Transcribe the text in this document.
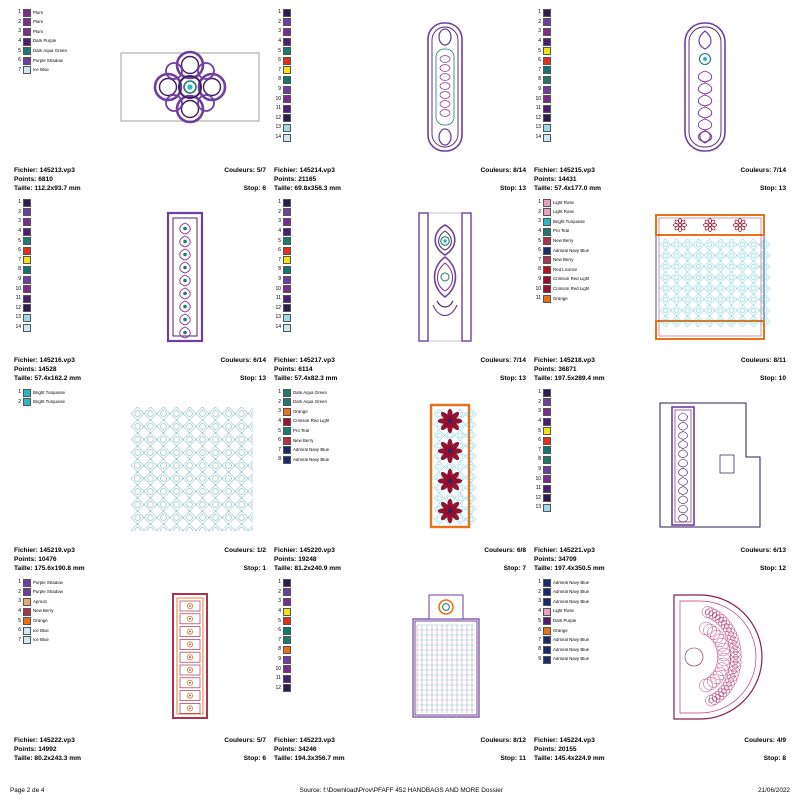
1	Plum
2	Plum
3	Plum
4	Dark Purple
5	Dark Aqua Green
6	Purple Shadow
7	Ice Blue
Fichier: 145213.vp3
Points: 6810
Taille: 112.2x93.7 mm
Couleurs: 5/7

Stop: 6
1
2
3
4
5
6
7
8
9
10
11
12
13
14
Fichier: 145214.vp3
Points: 21165
Taille: 69.8x356.3 mm
Couleurs: 8/14

Stop: 13
1
2
3
4
5
6
7
8
9
10
11
12
13
14
Fichier: 145215.vp3
Points: 14431
Taille: 57.4x177.0 mm
Couleurs: 7/14

Stop: 13
1
2
3
4
5
6
7
8
9
10
11
12
13
14
Fichier: 145216.vp3
Points: 14528
Taille: 57.4x162.2 mm
Couleurs: 6/14

Stop: 13
1
2
3
4
5
6
7
8
9
10
11
12
13
14
Fichier: 145217.vp3
Points: 6114
Taille: 57.4x82.3 mm
Couleurs: 7/14

Stop: 13
1	Light Rose
2	Light Rose
3	Bright Turquoise
4	Pro Teal
5	New Berry
6	Admiral Navy Blue
7	New Berry
8	Red Licorice
9	Crimson Red Light
10	Crimson Red Light
11	Orange
Fichier: 145218.vp3
Points: 36871
Taille: 197.5x289.4 mm
Couleurs: 8/11

Stop: 10
1	Bright Turquoise
2	Bright Turquoise
Fichier: 145219.vp3
Points: 10476
Taille: 175.6x190.8 mm
Couleurs: 1/2

Stop: 1
1	Dark Aqua Green
2	Dark Aqua Green
3	Orange
4	Crimson Red Light
5	Pro Teal
6	New Berry
7	Admiral Navy Blue
8	Admiral Navy Blue
Fichier: 145220.vp3
Points: 19248
Taille: 81.2x240.9 mm
Couleurs: 6/8

Stop: 7
1
2
3
4
5
6
7
8
9
10
11
12
13
Fichier: 145221.vp3
Points: 34709
Taille: 197.4x350.5 mm
Couleurs: 6/13

Stop: 12
1	Purple Shadow
2	Purple Shadow
3	Apricot
4	New Berry
5	Orange
6	Ice Blue
7	Ice Blue
Fichier: 145222.vp3
Points: 14992
Taille: 80.2x243.3 mm
Couleurs: 5/7

Stop: 6
1
2
3
4
5
6
7
8
9
10
11
12
Fichier: 145223.vp3
Points: 34246
Taille: 194.3x356.7 mm
Couleurs: 8/12

Stop: 11
1	Admiral Navy Blue
2	Admiral Navy Blue
3	Admiral Navy Blue
4	Light Rose
5	Dark Purple
6	Orange
7	Admiral Navy Blue
8	Admiral Navy Blue
9	Admiral Navy Blue
Fichier: 145224.vp3
Points: 20155
Taille: 145.4x224.9 mm
Couleurs: 4/9

Stop: 8
Page 2 de 4	Source: f:\Download\Prov\PFAFF 452 HANDBAGS AND MORE Dossier	21/06/2022
